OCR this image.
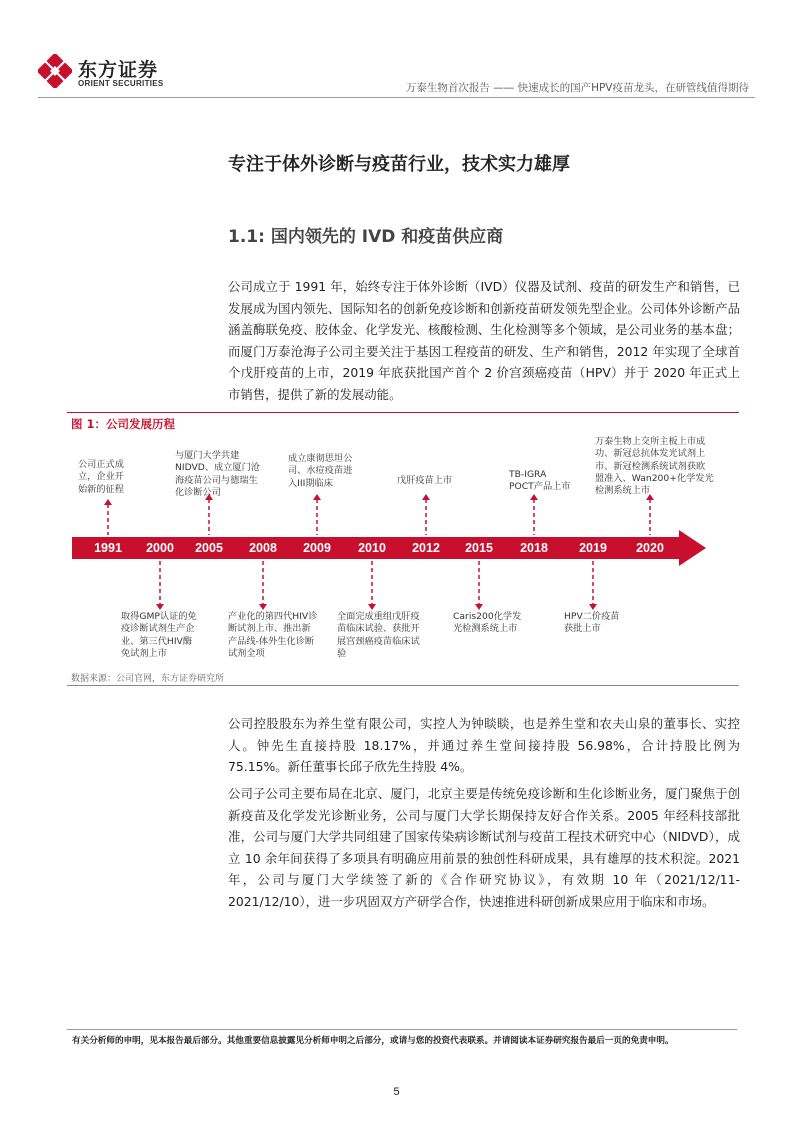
东方证券
ORIENT SECURITIES	万泰生物首次报告 —— 快速成长的国产HPV疫苗龙头，在研管线值得期待
专注于体外诊断与疫苗行业，技术实力雄厚
1.1: 国内领先的 IVD 和疫苗供应商
公司成立于 1991 年，始终专注于体外诊断（IVD）仪器及试剂、疫苗的研发生产和销售，已发展成为国内领先、国际知名的创新免疫诊断和创新疫苗研发领先型企业。公司体外诊断产品涵盖酶联免疫、胶体金、化学发光、核酸检测、生化检测等多个领域，是公司业务的基本盘；而厦门万泰沧海子公司主要关注于基因工程疫苗的研发、生产和销售，2012 年实现了全球首个戊肝疫苗的上市，2019 年底获批国产首个 2 价宫颈癌疫苗（HPV）并于 2020 年正式上市销售，提供了新的发展动能。
图 1：公司发展历程
1991	2000	2005	2008	2009	2010	2012	2015	2018	2019	2020
公司正式成
立，企业开
始新的征程
与厦门大学共建
NIDVD、成立厦门沧
海疫苗公司与德瑞生
化诊断公司
成立康彻思坦公
司、水痘疫苗进
入III期临床	戊肝疫苗上市
TB-IGRA
POCT产品上市
万泰生物上交所主板上市成
功、新冠总抗体发光试剂上
市、新冠检测系统试剂获欧
盟准入、Wan200+化学发光
检测系统上市
取得GMP认证的免
疫诊断试剂生产企
业、第三代HIV酶
免试剂上市
产业化的第四代HIV诊
断试剂上市、推出新
产品线-体外生化诊断
试剂全项
全面完成重组戊肝疫
苗临床试验、获批开
展宫颈癌疫苗临床试
验
Caris200化学发
光检测系统上市
HPV二价疫苗
获批上市
数据来源：公司官网，东方证券研究所
公司控股股东为养生堂有限公司，实控人为钟睒睒，也是养生堂和农夫山泉的董事长、实控人。钟先生直接持股 18.17%，并通过养生堂间接持股 56.98%，合计持股比例为 75.15%。新任董事长邱子欣先生持股 4%。
公司子公司主要布局在北京、厦门，北京主要是传统免疫诊断和生化诊断业务，厦门聚焦于创新疫苗及化学发光诊断业务，公司与厦门大学长期保持友好合作关系。2005 年经科技部批准，公司与厦门大学共同组建了国家传染病诊断试剂与疫苗工程技术研究中心（NIDVD），成立 10 余年间获得了多项具有明确应用前景的独创性科研成果，具有雄厚的技术积淀。2021 年，公司与厦门大学续签了新的《合作研究协议》，有效期 10 年（2021/12/11-2021/12/10），进一步巩固双方产研学合作，快速推进科研创新成果应用于临床和市场。
有关分析师的申明，见本报告最后部分。其他重要信息披露见分析师申明之后部分，或请与您的投资代表联系。并请阅读本证券研究报告最后一页的免责申明。
5
